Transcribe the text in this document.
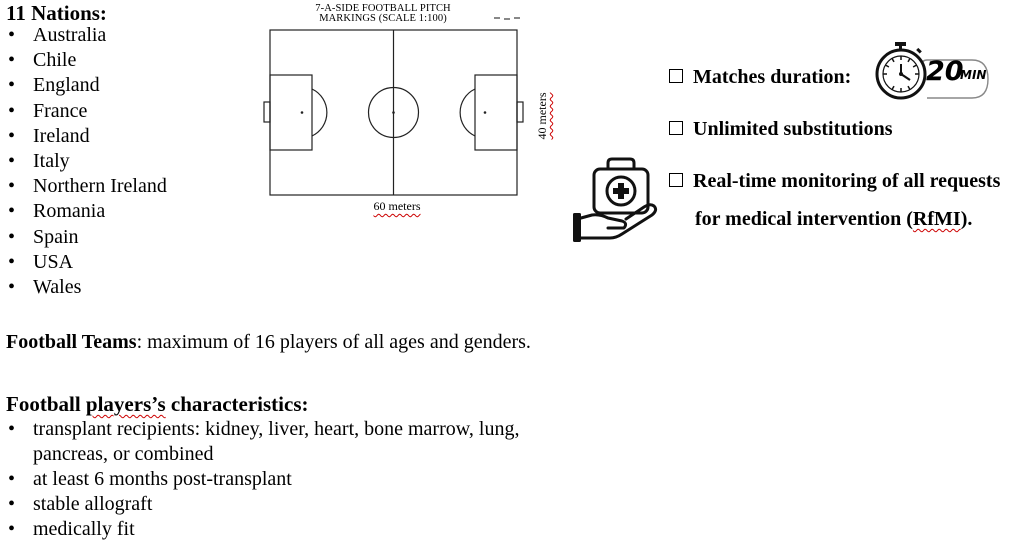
11 Nations:
• Australia
• Chile
• England
• France
• Ireland
• Italy
• Northern Ireland
• Romania
• Spain
• USA
• Wales
Football Teams: maximum of 16 players of all ages and genders.
Football players’s characteristics:
• transplant recipients: kidney, liver, heart, bone marrow, lung, pancreas, or combined
• at least 6 months post-transplant
• stable allograft
• medically fit
7-A-SIDE FOOTBALL PITCH
MARKINGS (SCALE 1:100)
60 meters
40 meters
Matches duration:	20
MIN
Unlimited substitutions
Real-time monitoring of all requests
for medical intervention (RfMI).
